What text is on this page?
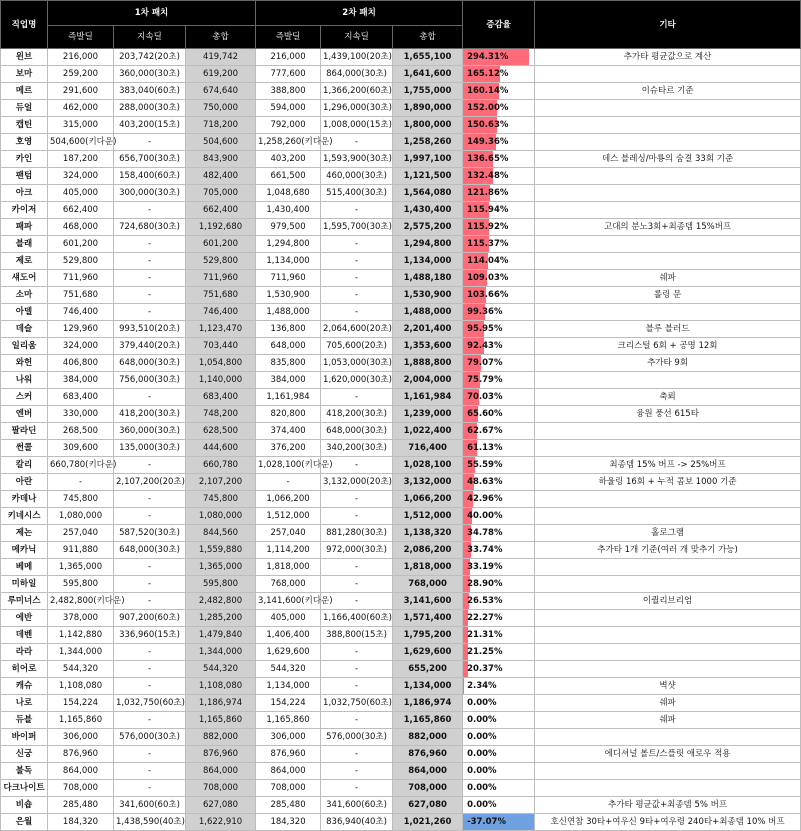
직업명	1차 패치			2차 패치			증감율	기타
	즉발딜	지속딜	총합	즉발딜	지속딜	총합		
윈브	216,000	203,742(20초)	419,742	216,000	1,439,100(20초)	1,655,100	294.31%	추가타 평균값으로 계산
보마	259,200	360,000(30초)	619,200	777,600	864,000(30초)	1,641,600	165.12%	
메르	291,600	383,040(60초)	674,640	388,800	1,366,200(60초)	1,755,000	160.14%	이슈타르 기준
듀얼	462,000	288,000(30초)	750,000	594,000	1,296,000(30초)	1,890,000	152.00%	
캡틴	315,000	403,200(15초)	718,200	792,000	1,008,000(15초)	1,800,000	150.63%	
호영	504,600(키다운)	-	504,600	1,258,260(키다운)	-	1,258,260	149.36%	
카인	187,200	656,700(30초)	843,900	403,200	1,593,900(30초)	1,997,100	136.65%	데스 블레싱/마룡의 숨결 33회 기준
팬텀	324,000	158,400(60초)	482,400	661,500	460,000(30초)	1,121,500	132.48%	
아크	405,000	300,000(30초)	705,000	1,048,680	515,400(30초)	1,564,080	121.86%	
카이저	662,400	-	662,400	1,430,400	-	1,430,400	115.94%	
패파	468,000	724,680(30초)	1,192,680	979,500	1,595,700(30초)	2,575,200	115.92%	고대의 분노3회+최종뎀 15%버프
블래	601,200	-	601,200	1,294,800	-	1,294,800	115.37%	
제로	529,800	-	529,800	1,134,000	-	1,134,000	114.04%	
섀도어	711,960	-	711,960	711,960	-	1,488,180	109.03%	쉐파
소마	751,680	-	751,680	1,530,900	-	1,530,900	103.66%	롤링 문
아델	746,400	-	746,400	1,488,000	-	1,488,000	99.36%	
데슬	129,960	993,510(20초)	1,123,470	136,800	2,064,600(20초)	2,201,400	95.95%	블루 블러드
일리움	324,000	379,440(20초)	703,440	648,000	705,600(20초)	1,353,600	92.43%	크리스털 6회 + 공명 12회
와헌	406,800	648,000(30초)	1,054,800	835,800	1,053,000(30초)	1,888,800	79.07%	추가타 9회
나워	384,000	756,000(30초)	1,140,000	384,000	1,620,000(30초)	2,004,000	75.79%	
스커	683,400	-	683,400	1,161,984	-	1,161,984	70.03%	축뢰
엔버	330,000	418,200(30초)	748,200	820,800	418,200(30초)	1,239,000	65.60%	융원 풍선 615타
팔라딘	268,500	360,000(30초)	628,500	374,400	648,000(30초)	1,022,400	62.67%	
썬콜	309,600	135,000(30초)	444,600	376,200	340,200(30초)	716,400	61.13%	
칼리	660,780(키다운)	-	660,780	1,028,100(키다운)	-	1,028,100	55.59%	최종뎀 15% 버프 -> 25%버프
아란	-	2,107,200(20초)	2,107,200	-	3,132,000(20초)	3,132,000	48.63%	하울링 16회 + 누적 콤보 1000 기준
카데나	745,800	-	745,800	1,066,200	-	1,066,200	42.96%	
키네시스	1,080,000	-	1,080,000	1,512,000	-	1,512,000	40.00%	
제논	257,040	587,520(30초)	844,560	257,040	881,280(30초)	1,138,320	34.78%	홀로그램
메카닉	911,880	648,000(30초)	1,559,880	1,114,200	972,000(30초)	2,086,200	33.74%	추가타 1개 기준(여러 개 맞추기 가능)
베메	1,365,000	-	1,365,000	1,818,000	-	1,818,000	33.19%	
미하일	595,800	-	595,800	768,000	-	768,000	28.90%	
루미너스	2,482,800(키다운)	-	2,482,800	3,141,600(키다운)	-	3,141,600	26.53%	이퀄리브리엄
에반	378,000	907,200(60초)	1,285,200	405,000	1,166,400(60초)	1,571,400	22.27%	
데벤	1,142,880	336,960(15초)	1,479,840	1,406,400	388,800(15초)	1,795,200	21.31%	
라라	1,344,000	-	1,344,000	1,629,600	-	1,629,600	21.25%	
히어로	544,320	-	544,320	544,320	-	655,200	20.37%	
캐슈	1,108,080	-	1,108,080	1,134,000	-	1,134,000	2.34%	벽샷
나로	154,224	1,032,750(60초)	1,186,974	154,224	1,032,750(60초)	1,186,974	0.00%	쉐파
듀블	1,165,860	-	1,165,860	1,165,860	-	1,165,860	0.00%	쉐파
바이퍼	306,000	576,000(30초)	882,000	306,000	576,000(30초)	882,000	0.00%	
신궁	876,960	-	876,960	876,960	-	876,960	0.00%	에디셔널 볼트/스플릿 애로우 적용
불독	864,000	-	864,000	864,000	-	864,000	0.00%	
다크나이트	708,000	-	708,000	708,000	-	708,000	0.00%	
비숍	285,480	341,600(60초)	627,080	285,480	341,600(60초)	627,080	0.00%	추가타 평균값+최종뎀 5% 버프
은월	184,320	1,438,590(40초)	1,622,910	184,320	836,940(40초)	1,021,260	-37.07%	호신연참 30타+여우신 9타+여우령 240타+최종뎀 10% 버프
